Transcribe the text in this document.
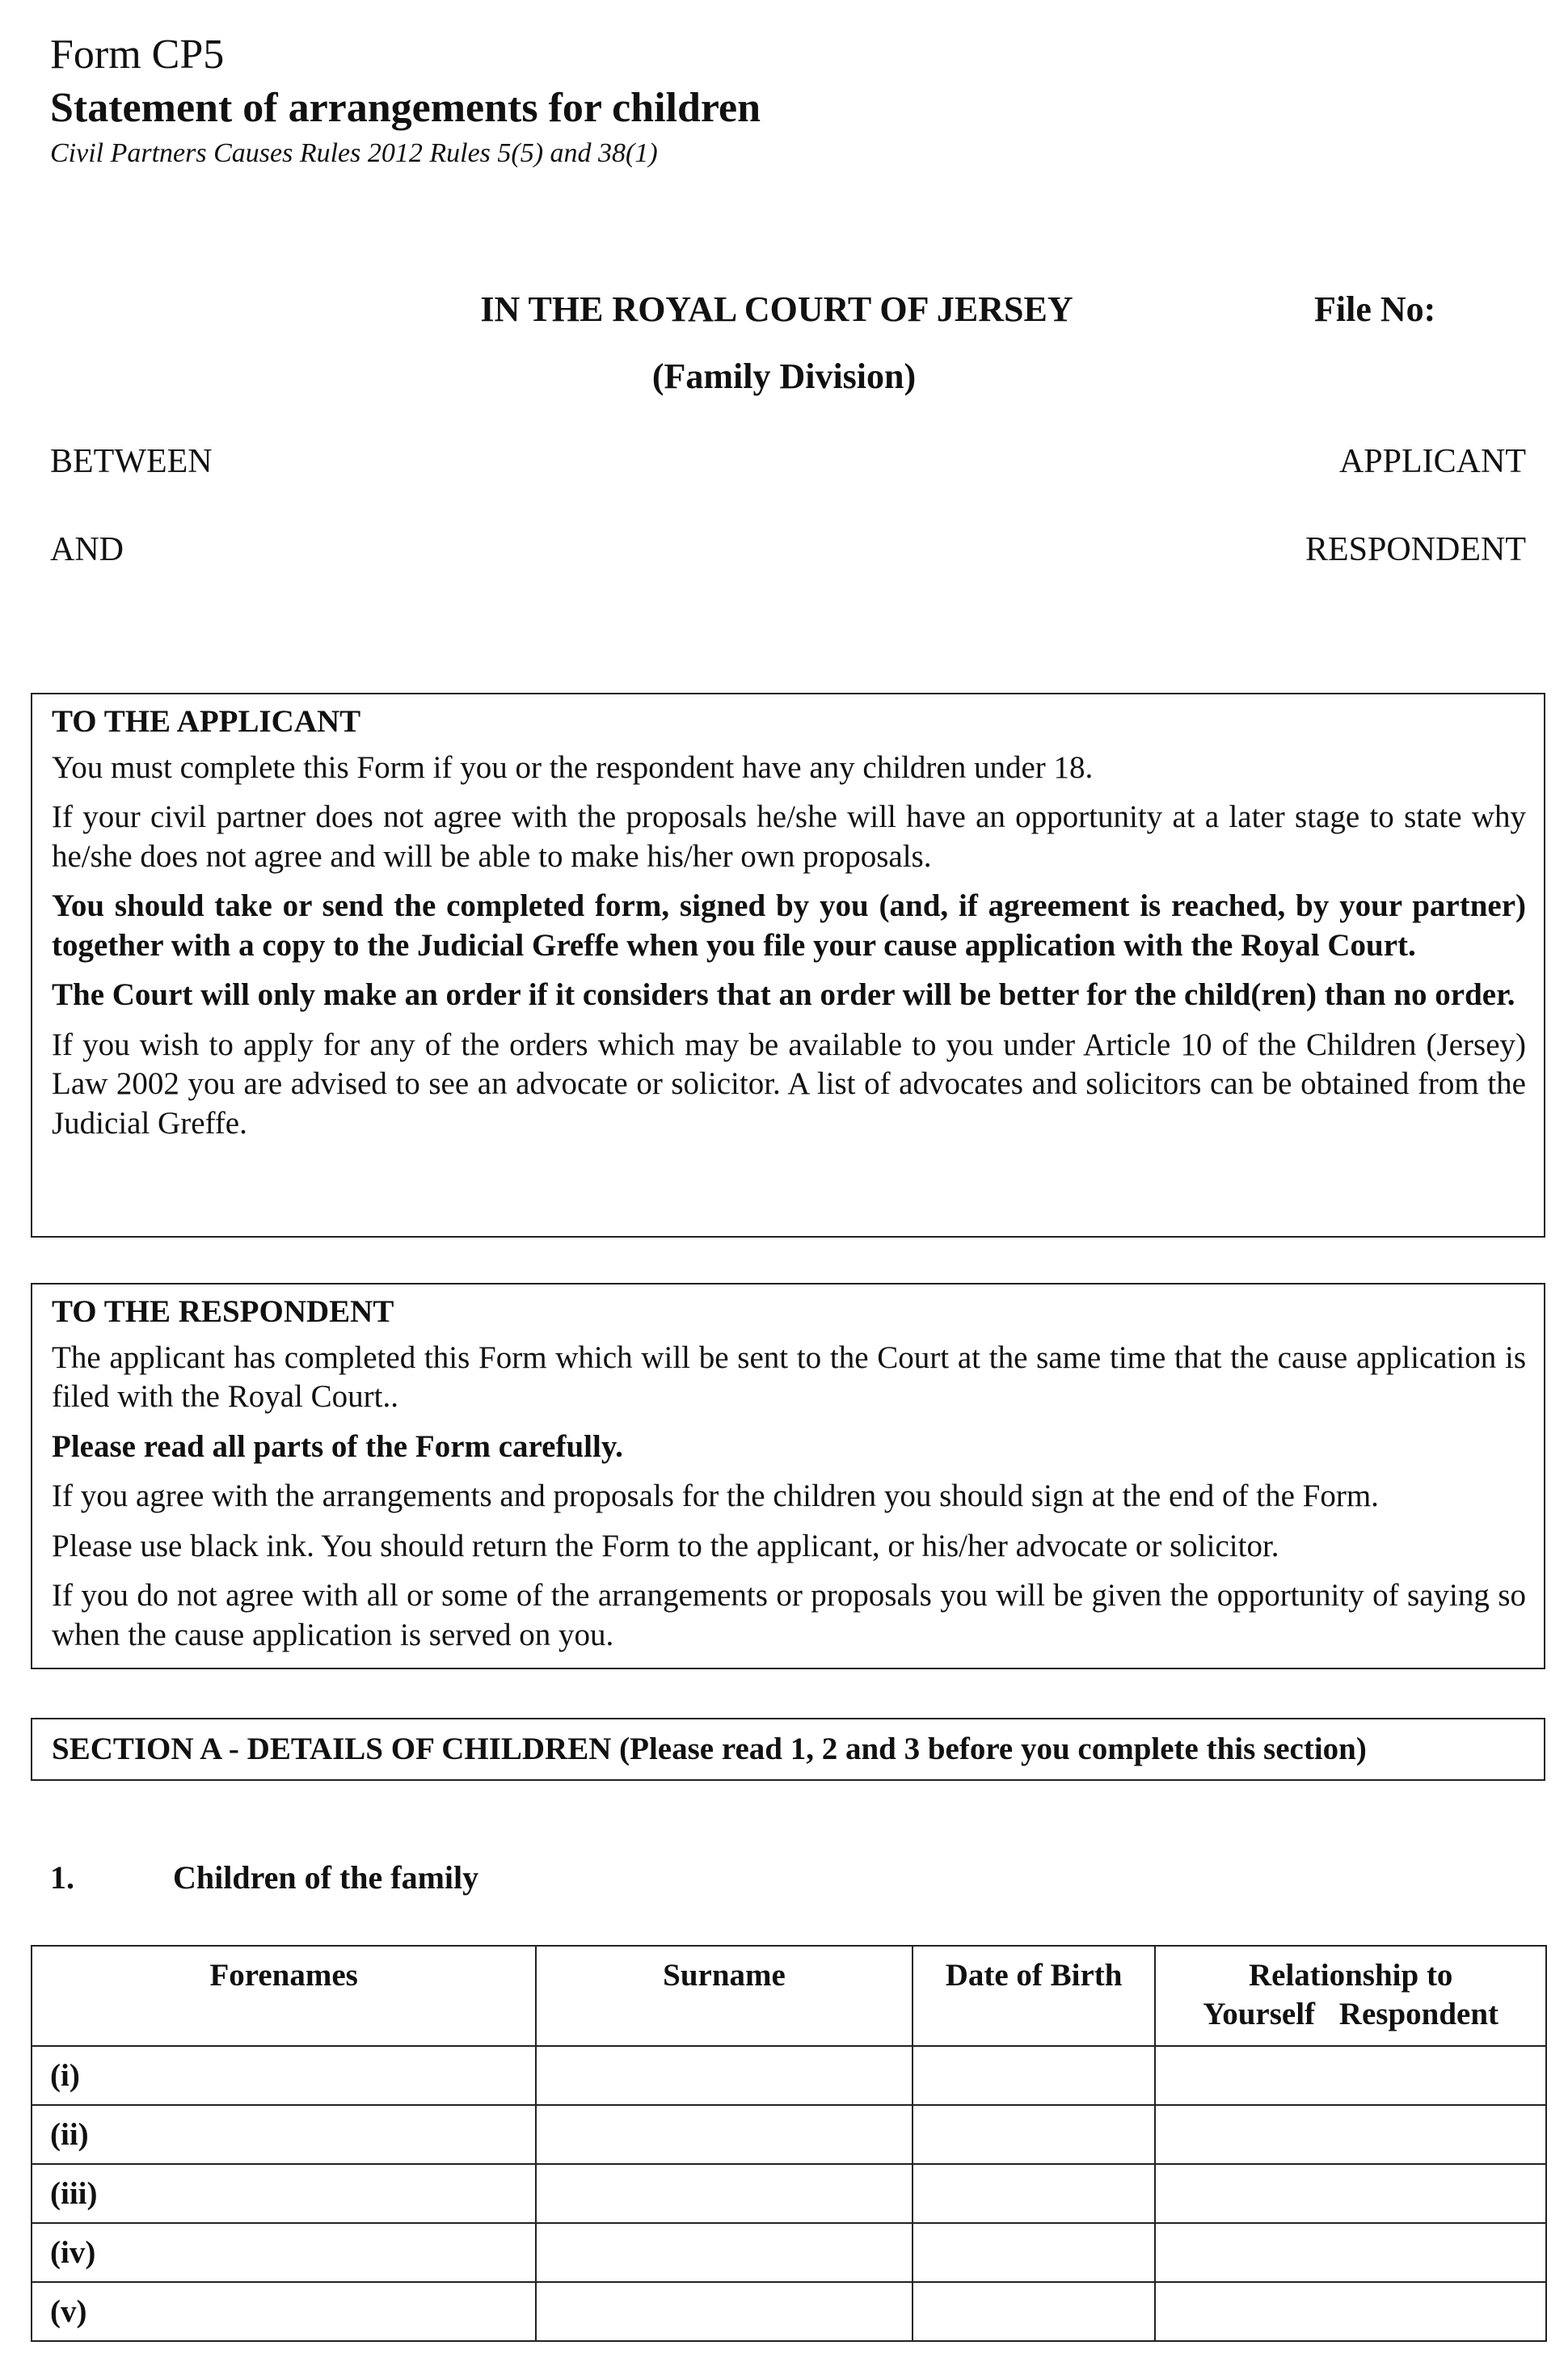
Form CP5
Statement of arrangements for children
Civil Partners Causes Rules 2012 Rules 5(5) and 38(1)
IN THE ROYAL COURT OF JERSEY
(Family Division)
File No:
BETWEEN	APPLICANT
AND	RESPONDENT

TO THE APPLICANT

You must complete this Form if you or the respondent have any children under 18.

If your civil partner does not agree with the proposals he/she will have an opportunity at a later stage to state why he/she does not agree and will be able to make his/her own proposals.

You should take or send the completed form, signed by you (and, if agreement is reached, by your partner) together with a copy to the Judicial Greffe when you file your cause application with the Royal Court.

The Court will only make an order if it considers that an order will be better for the child(ren) than no order.

If you wish to apply for any of the orders which may be available to you under Article 10 of the Children (Jersey) Law 2002 you are advised to see an advocate or solicitor. A list of advocates and solicitors can be obtained from the Judicial Greffe.

TO THE RESPONDENT

The applicant has completed this Form which will be sent to the Court at the same time that the cause application is filed with the Royal Court..

Please read all parts of the Form carefully.

If you agree with the arrangements and proposals for the children you should sign at the end of the Form.

Please use black ink. You should return the Form to the applicant, or his/her advocate or solicitor.

If you do not agree with all or some of the arrangements or proposals you will be given the opportunity of saying so when the cause application is served on you.

SECTION A - DETAILS OF CHILDREN (Please read 1, 2 and 3 before you complete this section)
1.	Children of the family
Forenames	Surname	Date of Birth	Relationship to
Yourself Respondent

(i)			
(ii)			
(iii)			
(iv)			
(v)			
